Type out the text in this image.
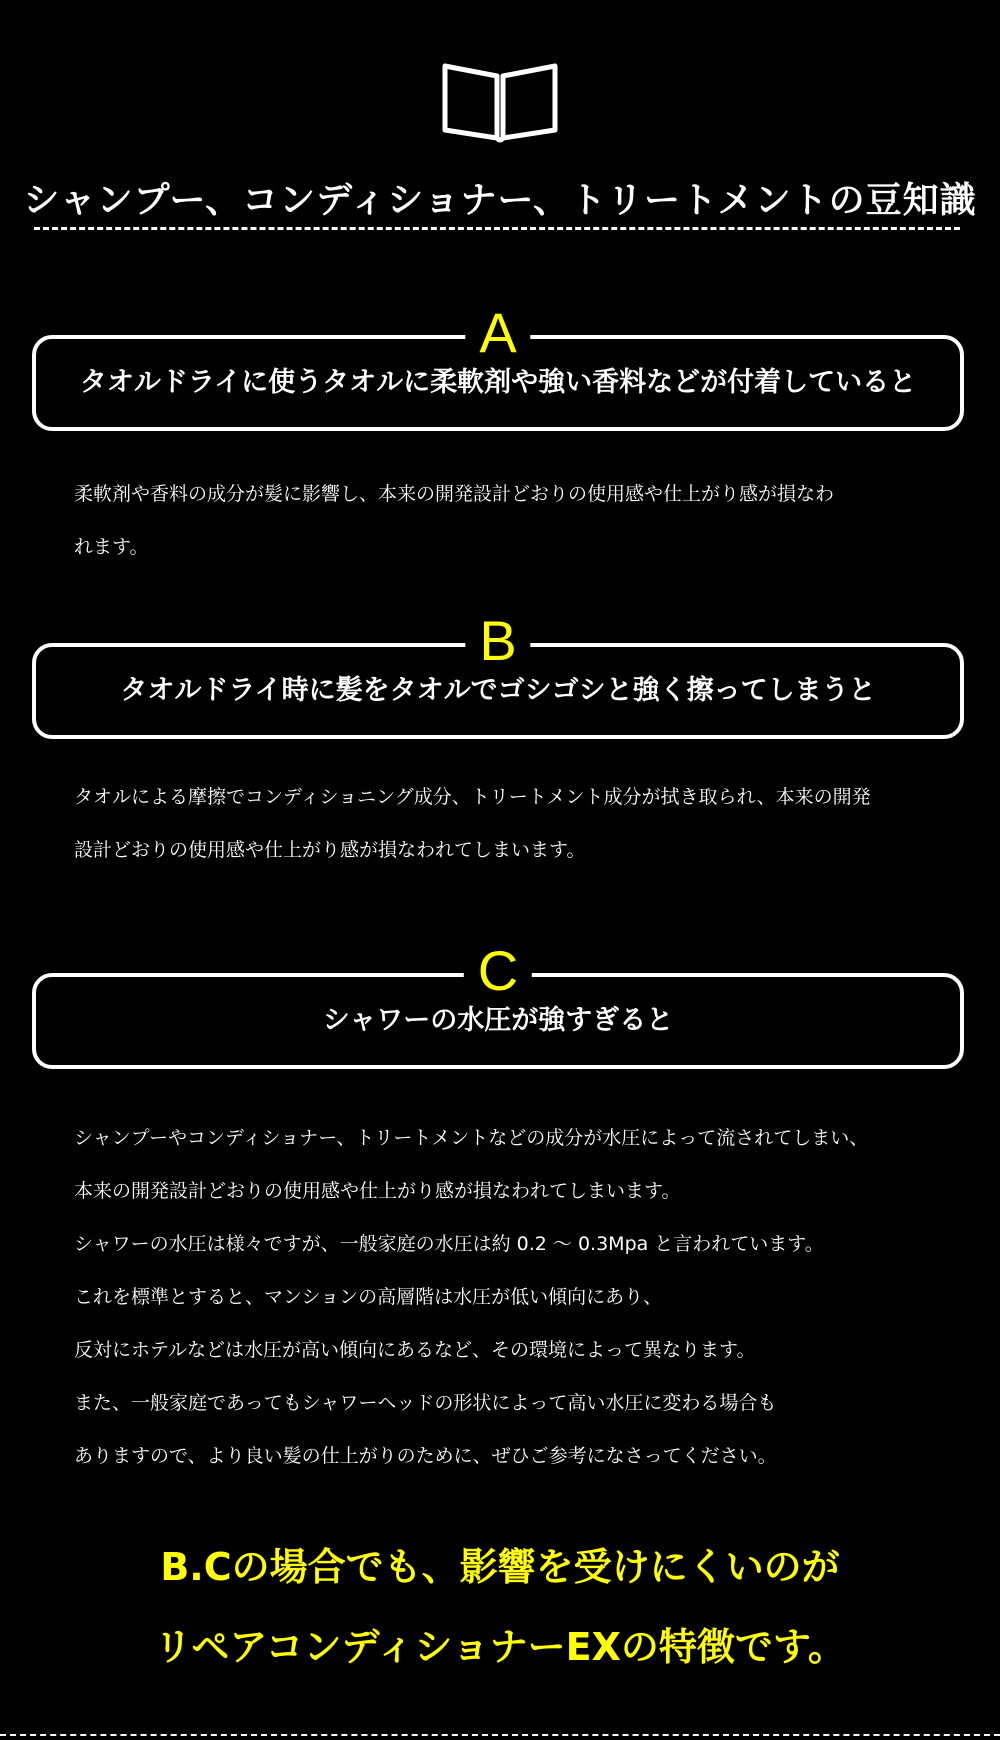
シャンプー、コンディショナー、トリートメントの豆知識
A
タオルドライに使うタオルに柔軟剤や強い香料などが付着していると

柔軟剤や香料の成分が髪に影響し、本来の開発設計どおりの使用感や仕上がり感が損なわ

れます。

B
タオルドライ時に髪をタオルでゴシゴシと強く擦ってしまうと

タオルによる摩擦でコンディショニング成分、トリートメント成分が拭き取られ、本来の開発

設計どおりの使用感や仕上がり感が損なわれてしまいます。

C
シャワーの水圧が強すぎると

シャンプーやコンディショナー、トリートメントなどの成分が水圧によって流されてしまい、

本来の開発設計どおりの使用感や仕上がり感が損なわれてしまいます。

シャワーの水圧は様々ですが、一般家庭の水圧は約 0.2 〜 0.3Mpa と言われています。

これを標準とすると、マンションの高層階は水圧が低い傾向にあり、

反対にホテルなどは水圧が高い傾向にあるなど、その環境によって異なります。

また、一般家庭であってもシャワーヘッドの形状によって高い水圧に変わる場合も

ありますので、より良い髪の仕上がりのために、ぜひご参考になさってください。

B.Cの場合でも、影響を受けにくいのが

リペアコンディショナーEXの特徴です。
